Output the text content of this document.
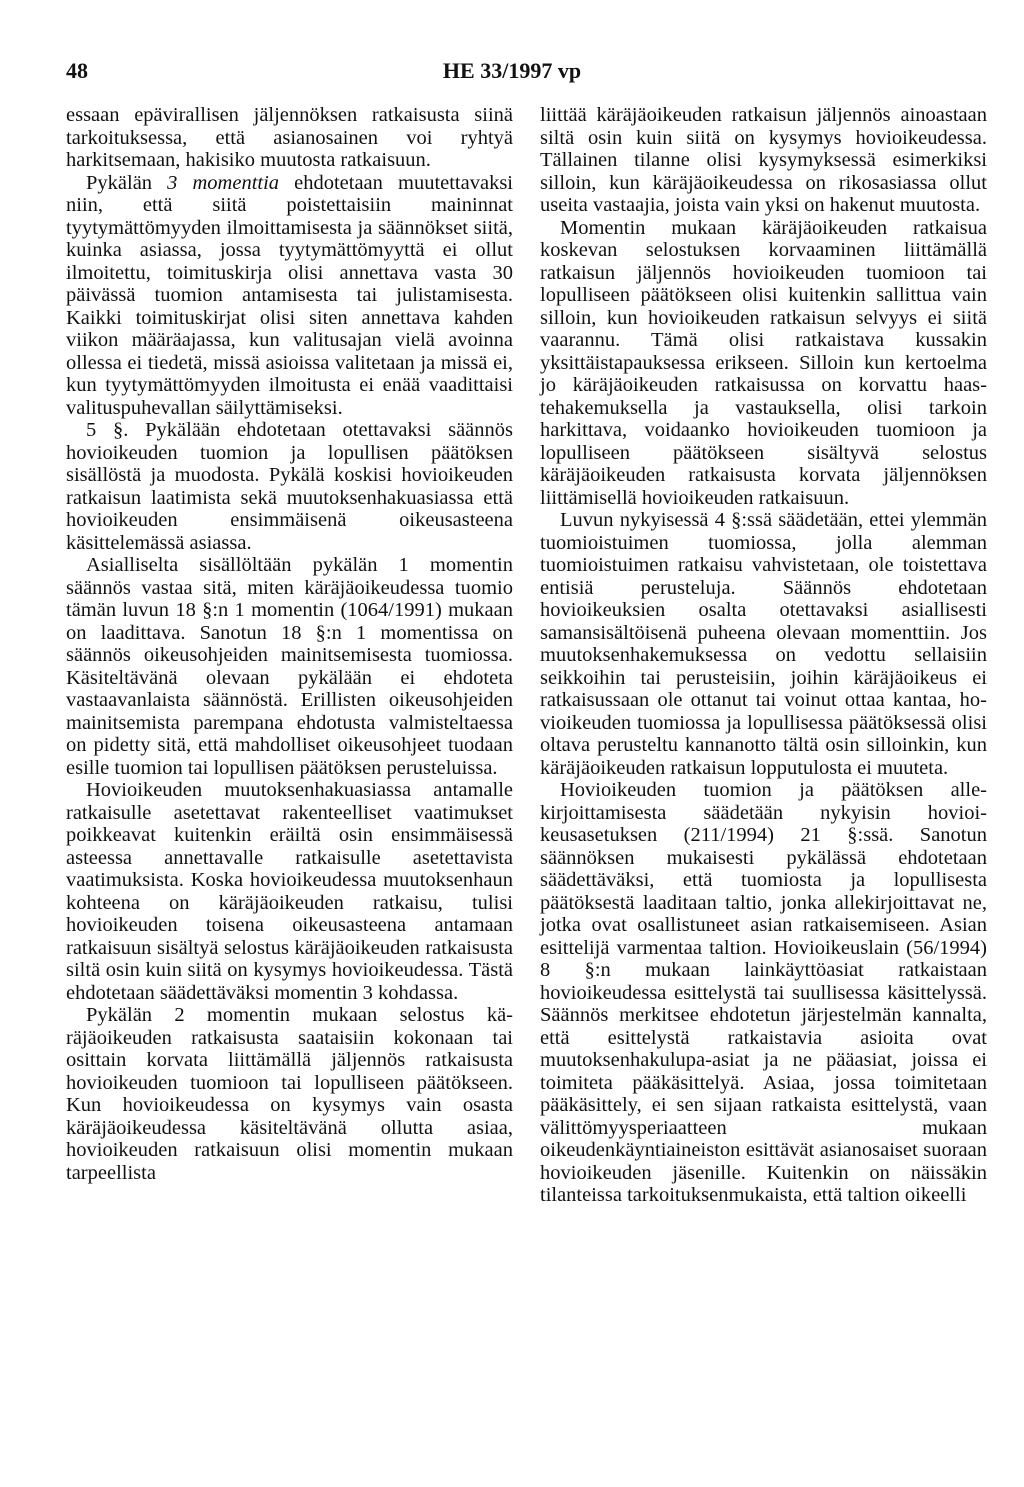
48	HE 33/1997 vp

essaan epävirallisen jäljennöksen ratkaisusta siinä tarkoituksessa, että asianosainen voi ryhtyä harkitsemaan, hakisiko muutosta ratkaisuun.

Pykälän 3 momenttia ehdotetaan muutettavaksi niin, että siitä poistettaisiin maininnat tyytymättömyyden ilmoittamisesta ja säännökset siitä, kuinka asiassa, jossa tyytymättömyyttä ei ollut ilmoitettu, toimituskirja olisi annettava vasta 30 päivässä tuomion antamisesta tai julistamisesta. Kaikki toimituskirjat olisi siten annettava kahden viikon määräajassa, kun valitusajan vielä avoinna ollessa ei tiedetä, missä asioissa valitetaan ja missä ei, kun tyytymättömyyden ilmoitusta ei enää vaadittaisi valituspuhevallan säilyttämiseksi.

5 §. Pykälään ehdotetaan otettavaksi säännös hovioikeuden tuomion ja lopullisen päätöksen sisällöstä ja muodosta. Pykälä koskisi hovioikeuden ratkaisun laatimista sekä muutoksenhakuasiassa että hovioikeuden ensimmäisenä oikeusasteena käsittelemässä asiassa.

Asialliselta sisällöltään pykälän 1 momentin säännös vastaa sitä, miten käräjäoikeudessa tuomio tämän luvun 18 §:n 1 momentin (1064/1991) mukaan on laadittava. Sanotun 18 §:n 1 momentissa on säännös oikeusohjeiden mainitsemisesta tuomiossa. Käsiteltävänä olevaan pykälään ei ehdoteta vastaavanlaista säännöstä. Erillisten oikeusohjeiden mainitsemista parempana ehdotusta valmisteltaessa on pidetty sitä, että mahdolliset oikeusohjeet tuodaan esille tuomion tai lopullisen päätöksen perusteluissa.

Hovioikeuden muutoksenhakuasiassa antamalle ratkaisulle asetettavat rakenteelliset vaatimukset poikkeavat kuitenkin eräiltä osin ensimmäisessä asteessa annettavalle ratkaisulle asetettavista vaatimuksista. Koska hovioikeudessa muutoksenhaun kohteena on käräjäoikeuden ratkaisu, tulisi hovioikeuden toisena oikeusasteena antamaan ratkaisuun sisältyä selostus käräjäoikeuden ratkaisusta siltä osin kuin siitä on kysymys hovioikeudessa. Tästä ehdotetaan säädettäväksi momentin 3 kohdassa.

Pykälän 2 momentin mukaan selostus käräjäoikeuden ratkaisusta saataisiin kokonaan tai osittain korvata liittämällä jäljennös ratkaisusta hovioikeuden tuomioon tai lopulliseen päätökseen. Kun hovioikeudessa on kysymys vain osasta käräjäoikeudessa käsiteltävänä ollutta asiaa, hovioikeuden ratkaisuun olisi momentin mukaan tarpeellista

liittää käräjäoikeuden ratkaisun jäljennös ainoastaan siltä osin kuin siitä on kysymys hovioikeudessa. Tällainen tilanne olisi kysymyksessä esimerkiksi silloin, kun käräjäoikeudessa on rikosasiassa ollut useita vastaajia, joista vain yksi on hakenut muutosta.

Momentin mukaan käräjäoikeuden ratkaisua koskevan selostuksen korvaaminen liittämällä ratkaisun jäljennös hovioikeuden tuomioon tai lopulliseen päätökseen olisi kuitenkin sallittua vain silloin, kun hovioikeuden ratkaisun selvyys ei siitä vaarannu. Tämä olisi ratkaistava kussakin yksittäistapauksessa erikseen. Silloin kun kertoelma jo käräjäoikeuden ratkaisussa on korvattu haastehakemuksella ja vastauksella, olisi tarkoin harkittava, voidaanko hovioikeuden tuomioon ja lopulliseen päätökseen sisältyvä selostus käräjäoikeuden ratkaisusta korvata jäljennöksen liittämisellä hovioikeuden ratkaisuun.

Luvun nykyisessä 4 §:ssä säädetään, ettei ylemmän tuomioistuimen tuomiossa, jolla alemman tuomioistuimen ratkaisu vahvistetaan, ole toistettava entisiä perusteluja. Säännös ehdotetaan hovioikeuksien osalta otettavaksi asiallisesti samansisältöisenä puheena olevaan momenttiin. Jos muutoksenhakemuksessa on vedottu sellaisiin seikkoihin tai perusteisiin, joihin käräjäoikeus ei ratkaisussaan ole ottanut tai voinut ottaa kantaa, hovioikeuden tuomiossa ja lopullisessa päätöksessä olisi oltava perusteltu kannanotto tältä osin silloinkin, kun käräjäoikeuden ratkaisun lopputulosta ei muuteta.

Hovioikeuden tuomion ja päätöksen allekirjoittamisesta säädetään nykyisin hovioikeusasetuksen (211/1994) 21 §:ssä. Sanotun säännöksen mukaisesti pykälässä ehdotetaan säädettäväksi, että tuomiosta ja lopullisesta päätöksestä laaditaan taltio, jonka allekirjoittavat ne, jotka ovat osallistuneet asian ratkaisemiseen. Asian esittelijä varmentaa taltion. Hovioikeuslain (56/1994) 8 §:n mukaan lainkäyttöasiat ratkaistaan hovioikeudessa esittelystä tai suullisessa käsittelyssä. Säännös merkitsee ehdotetun järjestelmän kannalta, että esittelystä ratkaistavia asioita ovat muutoksenhakulupa-asiat ja ne pääasiat, joissa ei toimiteta pääkäsittelyä. Asiaa, jossa toimitetaan pääkäsittely, ei sen sijaan ratkaista esittelystä, vaan välittömyysperiaatteen mukaan oikeudenkäyntiaineiston esittävät asianosaiset suoraan hovioikeuden jäsenille. Kuitenkin on näissäkin tilanteissa tarkoituksenmukaista, että taltion oikeelli
